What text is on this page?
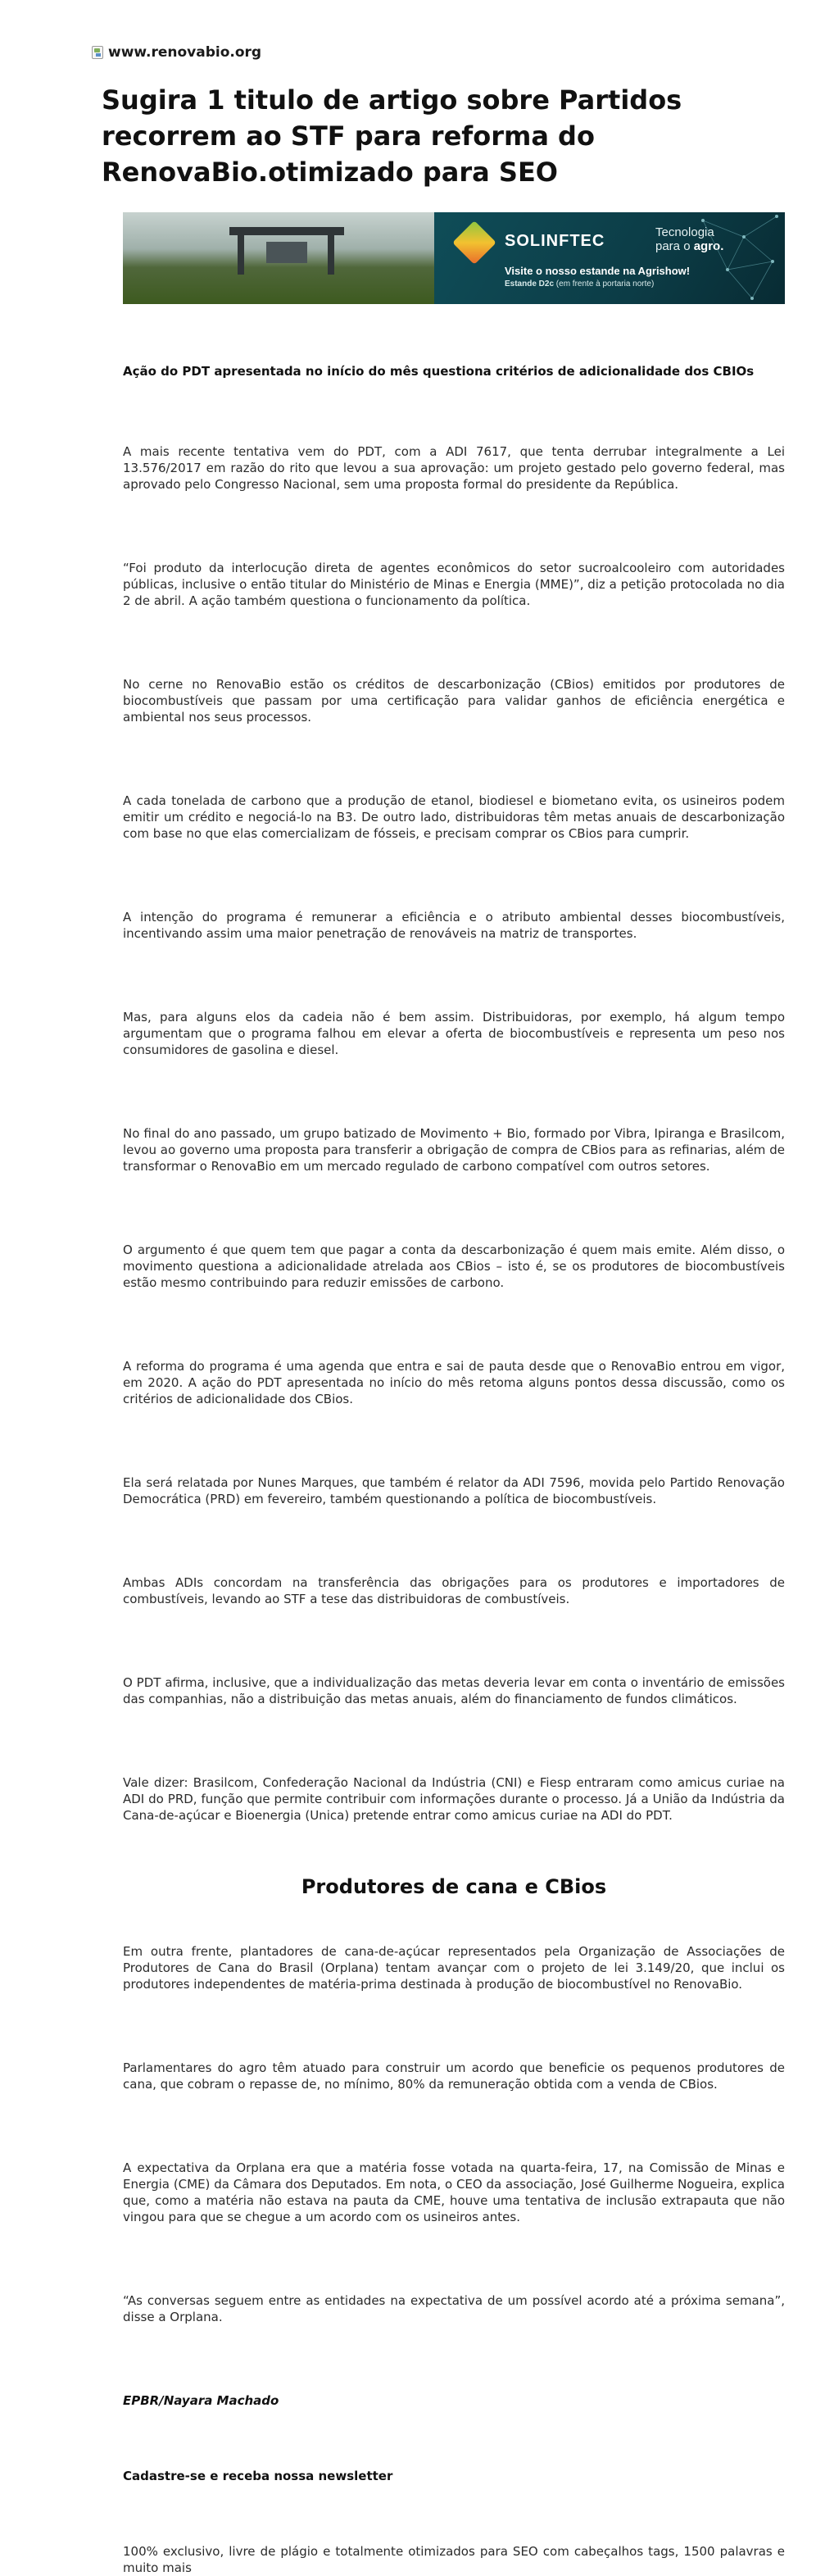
www.renovabio.org
Sugira 1 titulo de artigo sobre Partidos recorrem ao STF para reforma do RenovaBio.otimizado para SEO
SOLINFTEC	Tecnologia
para o agro.
Visite o nosso estande na Agrishow!
Estande D2c (em frente à portaria norte)

Ação do PDT apresentada no início do mês questiona critérios de adicionalidade dos CBIOs

A mais recente tentativa vem do PDT, com a ADI 7617, que tenta derrubar integralmente a Lei 13.576/2017 em razão do rito que levou a sua aprovação: um projeto gestado pelo governo federal, mas aprovado pelo Congresso Nacional, sem uma proposta formal do presidente da República.

“Foi produto da interlocução direta de agentes econômicos do setor sucroalcooleiro com autoridades públicas, inclusive o então titular do Ministério de Minas e Energia (MME)”, diz a petição protocolada no dia 2 de abril. A ação também questiona o funcionamento da política.

No cerne no RenovaBio estão os créditos de descarbonização (CBios) emitidos por produtores de biocombustíveis que passam por uma certificação para validar ganhos de eficiência energética e ambiental nos seus processos.

A cada tonelada de carbono que a produção de etanol, biodiesel e biometano evita, os usineiros podem emitir um crédito e negociá-lo na B3. De outro lado, distribuidoras têm metas anuais de descarbonização com base no que elas comercializam de fósseis, e precisam comprar os CBios para cumprir.

A intenção do programa é remunerar a eficiência e o atributo ambiental desses biocombustíveis, incentivando assim uma maior penetração de renováveis na matriz de transportes.

Mas, para alguns elos da cadeia não é bem assim. Distribuidoras, por exemplo, há algum tempo argumentam que o programa falhou em elevar a oferta de biocombustíveis e representa um peso nos consumidores de gasolina e diesel.

No final do ano passado, um grupo batizado de Movimento + Bio, formado por Vibra, Ipiranga e Brasilcom, levou ao governo uma proposta para transferir a obrigação de compra de CBios para as refinarias, além de transformar o RenovaBio em um mercado regulado de carbono compatível com outros setores.

O argumento é que quem tem que pagar a conta da descarbonização é quem mais emite. Além disso, o movimento questiona a adicionalidade atrelada aos CBios – isto é, se os produtores de biocombustíveis estão mesmo contribuindo para reduzir emissões de carbono.

A reforma do programa é uma agenda que entra e sai de pauta desde que o RenovaBio entrou em vigor, em 2020. A ação do PDT apresentada no início do mês retoma alguns pontos dessa discussão, como os critérios de adicionalidade dos CBios.

Ela será relatada por Nunes Marques, que também é relator da ADI 7596, movida pelo Partido Renovação Democrática (PRD) em fevereiro, também questionando a política de biocombustíveis.

Ambas ADIs concordam na transferência das obrigações para os produtores e importadores de combustíveis, levando ao STF a tese das distribuidoras de combustíveis.

O PDT afirma, inclusive, que a individualização das metas deveria levar em conta o inventário de emissões das companhias, não a distribuição das metas anuais, além do financiamento de fundos climáticos.

Vale dizer: Brasilcom, Confederação Nacional da Indústria (CNI) e Fiesp entraram como amicus curiae na ADI do PRD, função que permite contribuir com informações durante o processo. Já a União da Indústria da Cana-de-açúcar e Bioenergia (Unica) pretende entrar como amicus curiae na ADI do PDT.

Produtores de cana e CBios

Em outra frente, plantadores de cana-de-açúcar representados pela Organização de Associações de Produtores de Cana do Brasil (Orplana) tentam avançar com o projeto de lei 3.149/20, que inclui os produtores independentes de matéria-prima destinada à produção de biocombustível no RenovaBio.

Parlamentares do agro têm atuado para construir um acordo que beneficie os pequenos produtores de cana, que cobram o repasse de, no mínimo, 80% da remuneração obtida com a venda de CBios.

A expectativa da Orplana era que a matéria fosse votada na quarta-feira, 17, na Comissão de Minas e Energia (CME) da Câmara dos Deputados. Em nota, o CEO da associação, José Guilherme Nogueira, explica que, como a matéria não estava na pauta da CME, houve uma tentativa de inclusão extrapauta que não vingou para que se chegue a um acordo com os usineiros antes.

“As conversas seguem entre as entidades na expectativa de um possível acordo até a próxima semana”, disse a Orplana.

EPBR/Nayara Machado

Cadastre-se e receba nossa newsletter

100% exclusivo, livre de plágio e totalmente otimizados para SEO com cabeçalhos tags, 1500 palavras e muito mais
